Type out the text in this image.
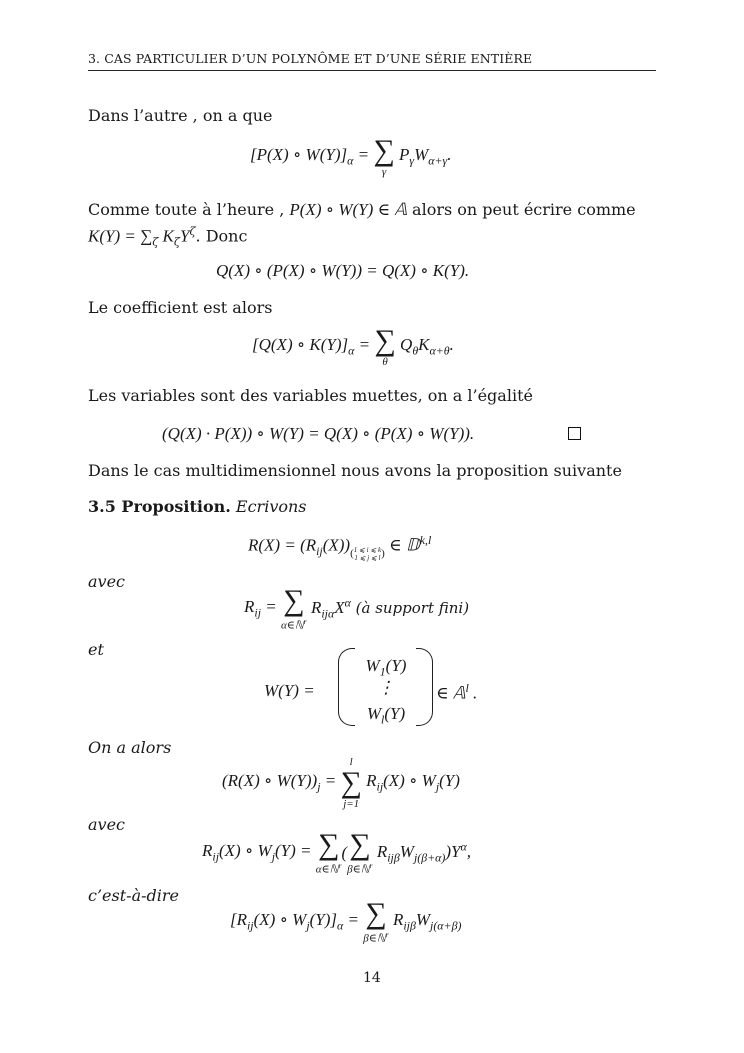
3. CAS PARTICULIER D’UN POLYNÔME ET D’UNE SÉRIE ENTIÈRE
Dans l’autre , on a que
[P(X) ∘ $W(Y)]_\alpha$ = ∑
γ
$P_\gamma W_{\alpha+\gamma}$.
Comme toute à l’heure , P(X) ∘ W(Y) ∈ 𝔸 alors on peut écrire comme
$K(Y) = \sum_\zeta$ $K_\zeta Y^\zeta$. Donc
Q(X) ∘ (P(X) ∘ W(Y)) = Q(X) ∘ K(Y).
Le coefficient est alors
[Q(X) ∘ $K(Y)]_\alpha$ = ∑
θ
$Q_\theta K_{\alpha+\theta}$.
Les variables sont des variables muettes, on a l’égalité
(Q(X) · P(X)) ∘ W(Y) = Q(X) ∘ (P(X) ∘ W(Y)).
Dans le cas multidimensionnel nous avons la proposition suivante
3.5 Proposition. Ecrivons
$R(X) = (R_{ij}(X))(1$ ⩽ i ⩽ k
1 ⩽ j ⩽ l) ∈ 𝔻$^{k,l}$
avec
$R_{ij}$ = ∑
α∈ℕ$^r$
$R_{ij\alpha}X^\alpha$ (à support fini)
et
W(Y) =
$W_1(Y)$
⋮
$W_l(Y)$
∈ 𝔸$^l$ .
On a alors
(R(X) ∘ $W(Y))_j$ =
l
∑
j=1
$R_{ij}(X)$ ∘ $W_j(Y)$
avec
$R_{ij}(X)$ ∘ $W_j(Y)$ = ∑
α∈ℕ$^r$
( ∑
β∈ℕ$^r$
$R_{ij\beta}W_{j(\beta+\alpha)})Y^\alpha$,
c’est-à-dire
[$R_{ij}(X)$ ∘ $W_j(Y)]_\alpha$ = ∑
β∈ℕ$^r$
$R_{ij\beta}W_{j(\alpha+\beta)}$
14
